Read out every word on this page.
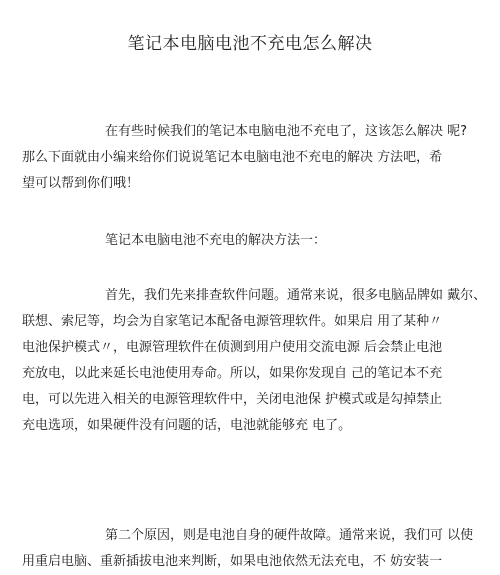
笔记本电脑电池不充电怎么解决
在有些时候我们的笔记本电脑电池不充电了，这该怎么解决 呢?
那么下面就由小编来给你们说说笔记本电脑电池不充电的解决 方法吧，希
望可以帮到你们哦！
笔记本电脑电池不充电的解决方法一：
首先，我们先来排查软件问题。通常来说，很多电脑品牌如 戴尔、
联想、索尼等，均会为自家笔记本配备电源管理软件。如果启 用了某种〃
电池保护模式〃，电源管理软件在侦测到用户使用交流电源 后会禁止电池
充放电，以此来延长电池使用寿命。所以，如果你发现自 己的笔记本不充
电，可以先进入相关的电源管理软件中，关闭电池保 护模式或是勾掉禁止
充电选项，如果硬件没有问题的话，电池就能够充 电了。
第二个原因，则是电池自身的硬件故障。通常来说，我们可 以使
用重启电脑、重新插拔电池来判断，如果电池依然无法充电，不 妨安装一
